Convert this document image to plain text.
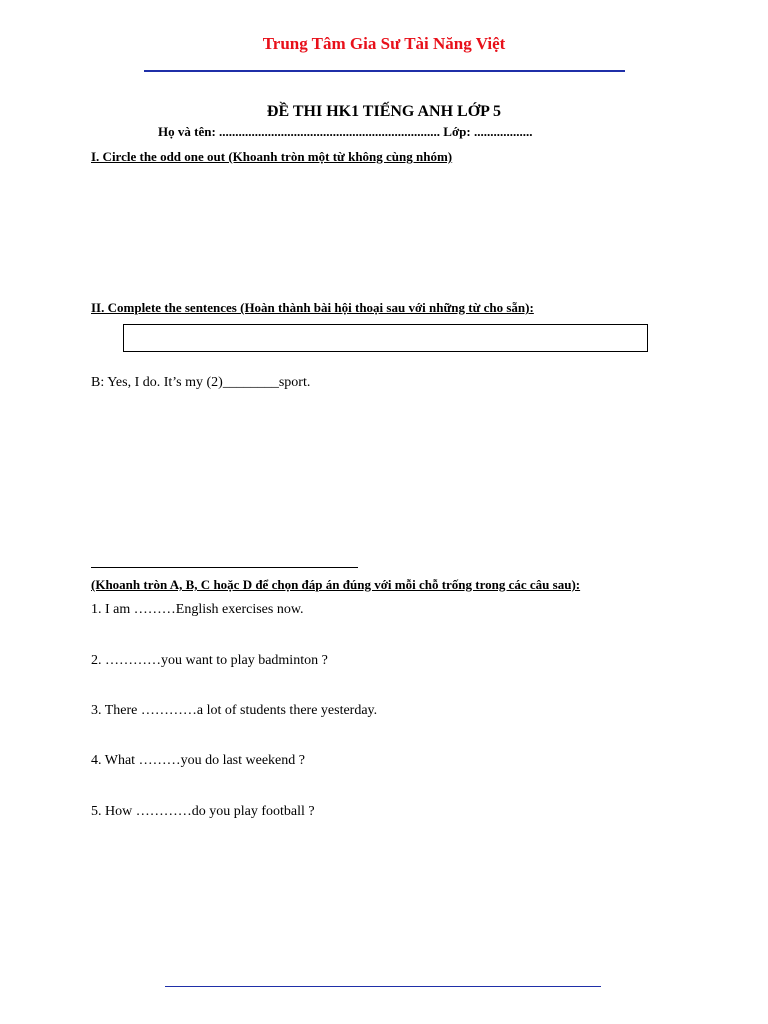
Trung Tâm Gia Sư Tài Năng Việt
ĐỀ THI HK1 TIẾNG ANH LỚP 5
Họ và tên: .................................................................... Lớp: ..................
I. Circle the odd one out (Khoanh tròn một từ không cùng nhóm)
II. Complete the sentences (Hoàn thành bài hội thoại sau với những từ cho sẵn):
B: Yes, I do. It’s my (2)________sport.
(Khoanh tròn A, B, C hoặc D để chọn đáp án đúng với mỗi chỗ trống trong các câu sau):
1. I am ………English exercises now.
2. …………you want to play badminton ?
3. There …………a lot of students there yesterday.
4. What ………you do last weekend ?
5. How …………do you play football ?
